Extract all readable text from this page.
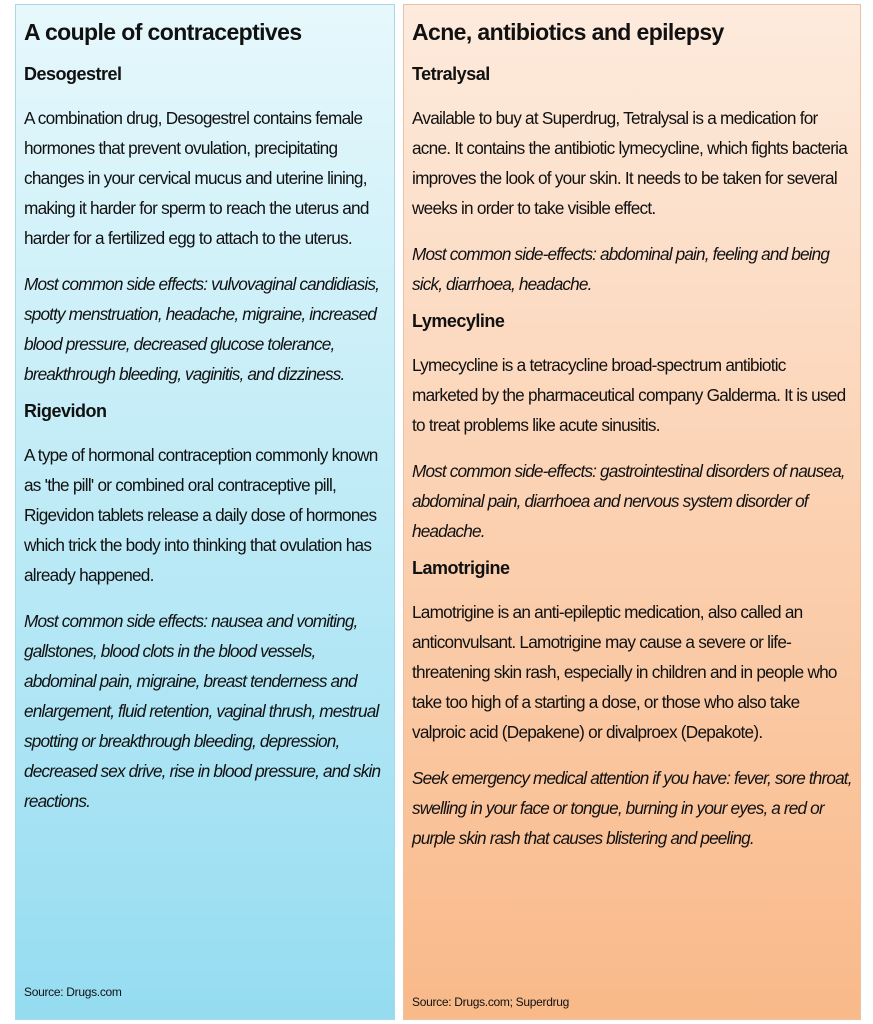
A couple of contraceptives
Desogestrel

A combination drug, Desogestrel contains female hormones that prevent ovulation, precipitating changes in your cervical mucus and uterine lining, making it harder for sperm to reach the uterus and harder for a fertilized egg to attach to the uterus.

Most common side effects: vulvovaginal candidiasis, spotty menstruation, headache, migraine, increased blood pressure, decreased glucose tolerance, breakthrough bleeding, vaginitis, and dizziness.

Rigevidon

A type of hormonal contraception commonly known as 'the pill' or combined oral contraceptive pill, Rigevidon tablets release a daily dose of hormones which trick the body into thinking that ovulation has already happened.

Most common side effects: nausea and vomiting, gallstones, blood clots in the blood vessels, abdominal pain, migraine, breast tenderness and enlargement, fluid retention, vaginal thrush, mestrual spotting or breakthrough bleeding, depression, decreased sex drive, rise in blood pressure, and skin reactions.

Source: Drugs.com
Acne, antibiotics and epilepsy
Tetralysal

Available to buy at Superdrug, Tetralysal is a medication for acne. It contains the antibiotic lymecycline, which fights bacteria improves the look of your skin. It needs to be taken for several weeks in order to take visible effect.

Most common side-effects: abdominal pain, feeling and being sick, diarrhoea, headache.

Lymecyline

Lymecycline is a tetracycline broad-spectrum antibiotic marketed by the pharmaceutical company Galderma. It is used to treat problems like acute sinusitis.

Most common side-effects: gastrointestinal disorders of nausea, abdominal pain, diarrhoea and nervous system disorder of headache.

Lamotrigine

Lamotrigine is an anti-epileptic medication, also called an anticonvulsant. Lamotrigine may cause a severe or life-threatening skin rash, especially in children and in people who take too high of a starting a dose, or those who also take valproic acid (Depakene) or divalproex (Depakote).

Seek emergency medical attention if you have: fever, sore throat, swelling in your face or tongue, burning in your eyes, a red or purple skin rash that causes blistering and peeling.

Source: Drugs.com; Superdrug
